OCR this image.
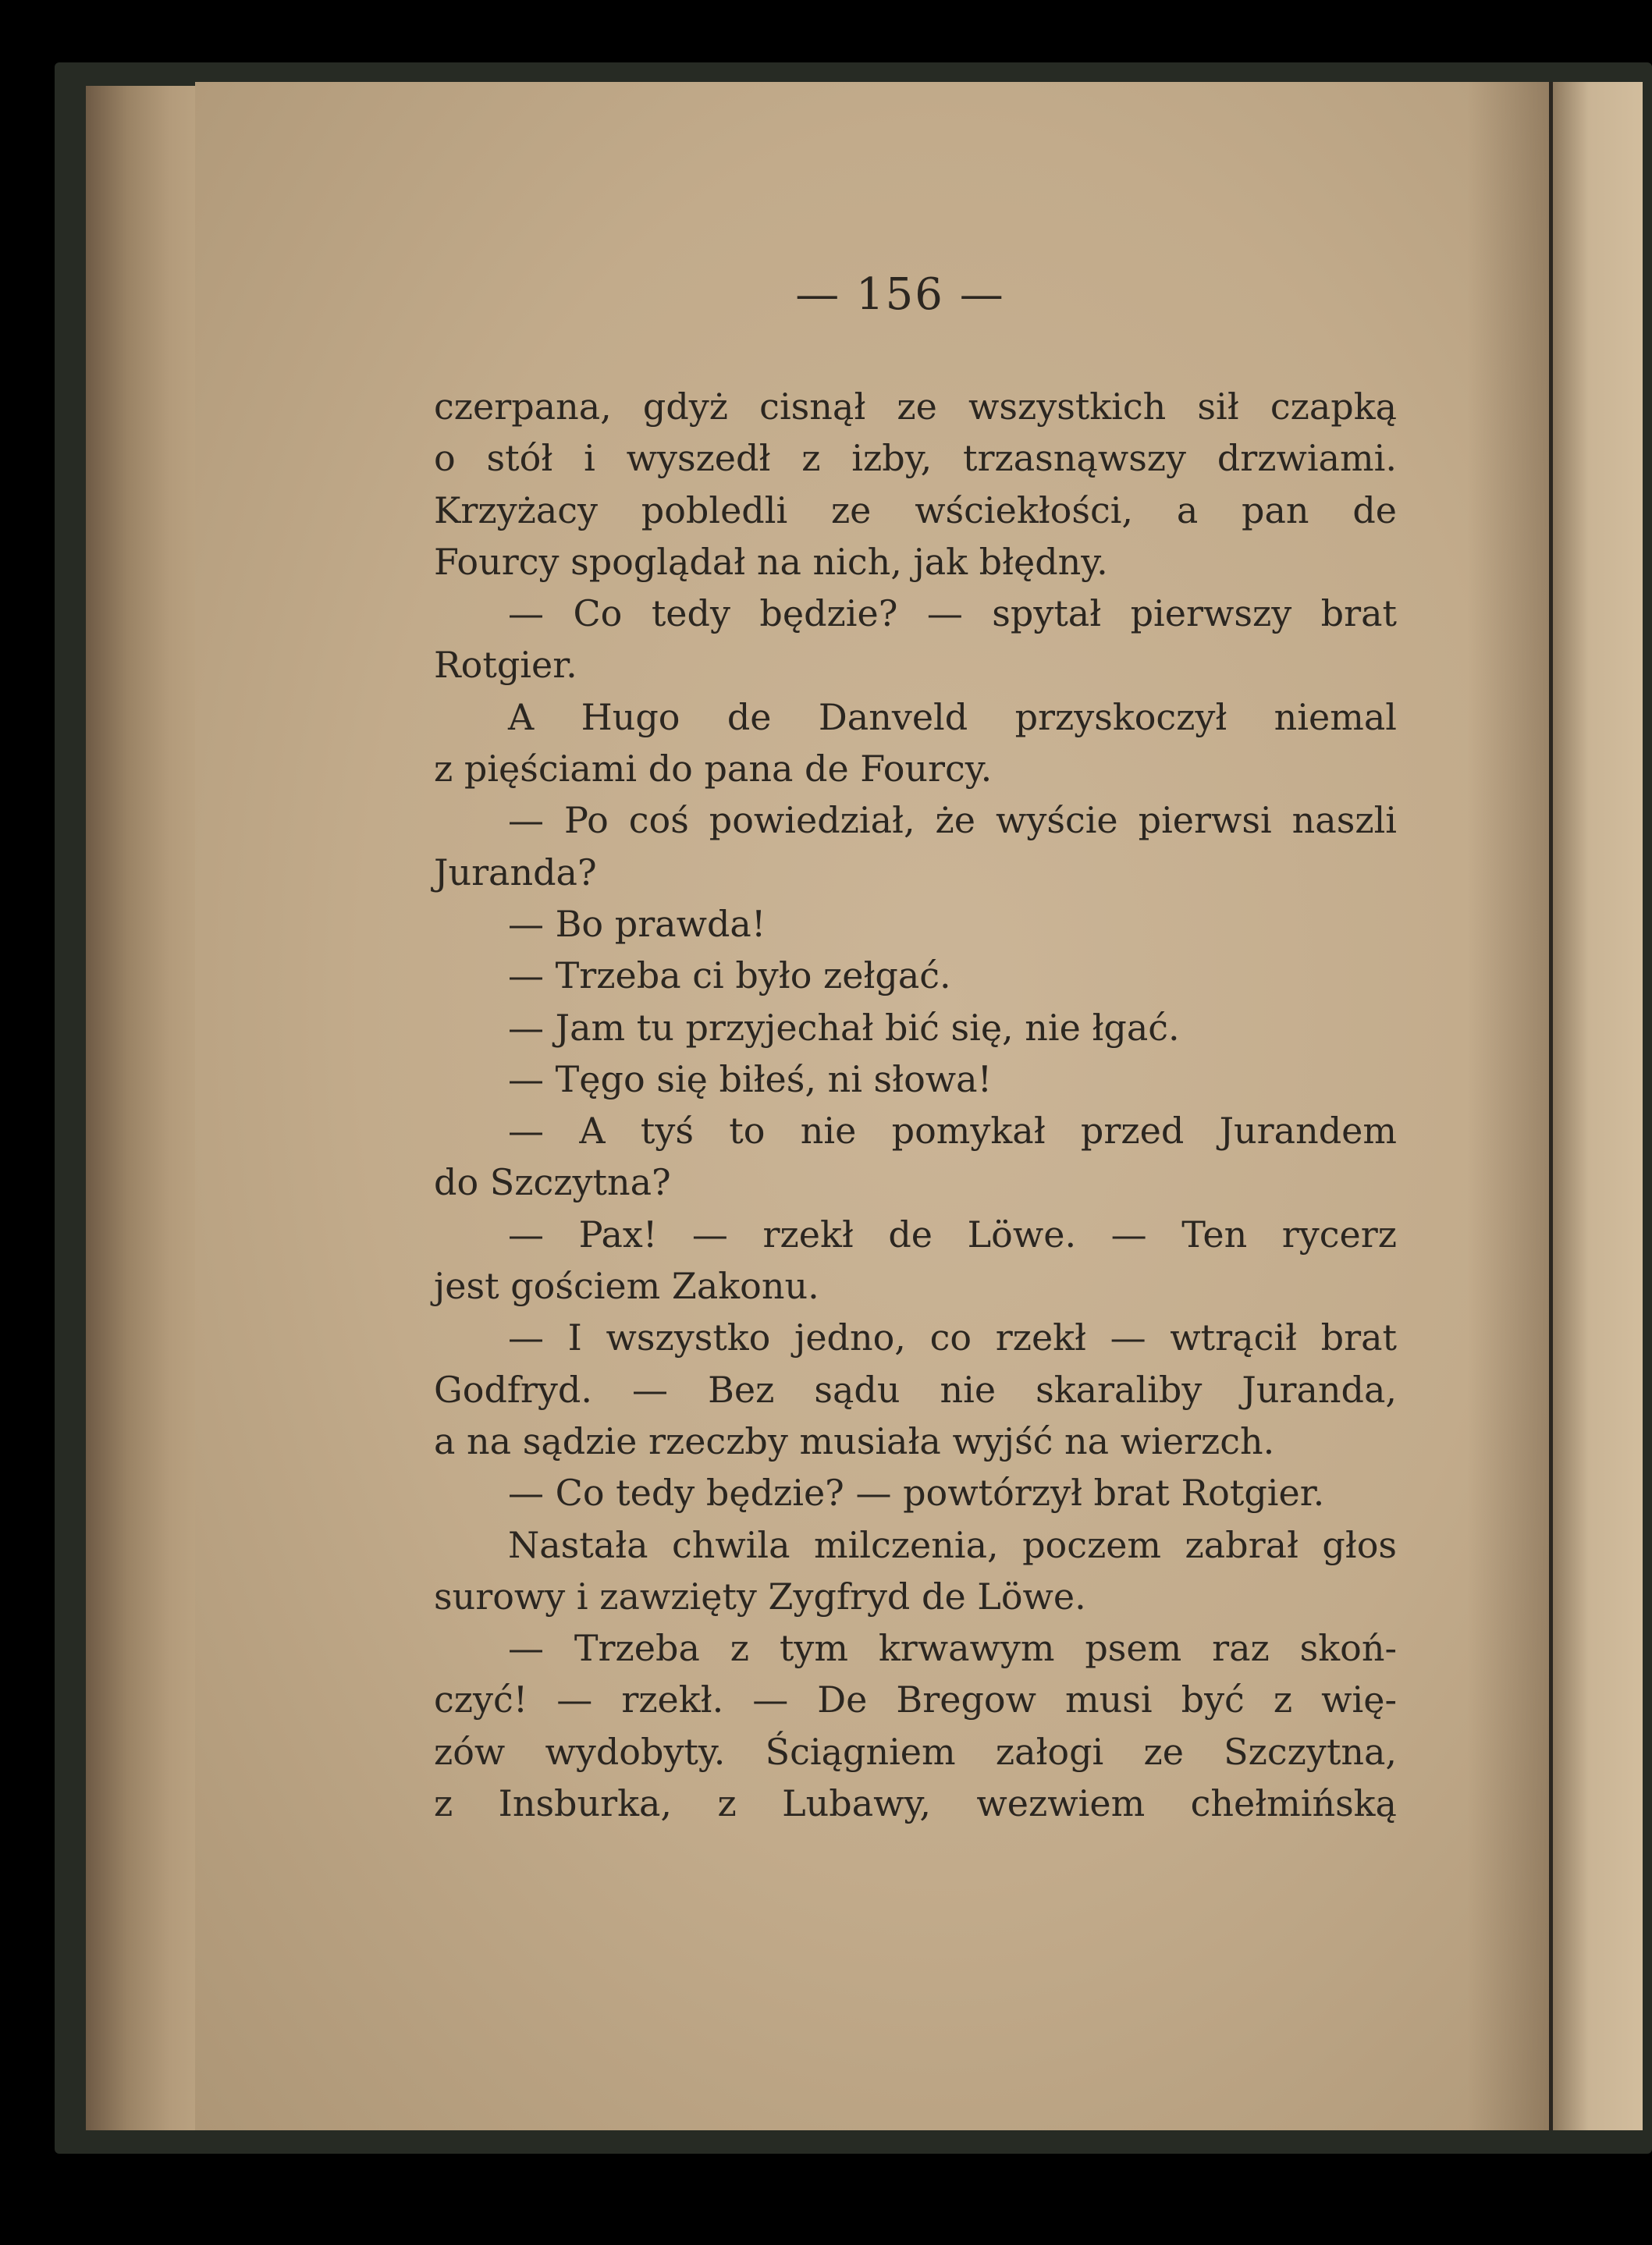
— 156 —
czerpana, gdyż cisnął ze wszystkich sił czapką
o stół i wyszedł z izby, trzasnąwszy drzwiami.
Krzyżacy pobledli ze wściekłości, a pan de
Fourcy spoglądał na nich, jak błędny.
— Co tedy będzie? — spytał pierwszy brat
Rotgier.
A Hugo de Danveld przyskoczył niemal
z pięściami do pana de Fourcy.
— Po coś powiedział, że wyście pierwsi naszli
Juranda?
— Bo prawda!
— Trzeba ci było zełgać.
— Jam tu przyjechał bić się, nie łgać.
— Tęgo się biłeś, ni słowa!
— A tyś to nie pomykał przed Jurandem
do Szczytna?
— Pax! — rzekł de Löwe. — Ten rycerz
jest gościem Zakonu.
— I wszystko jedno, co rzekł — wtrącił brat
Godfryd. — Bez sądu nie skaraliby Juranda,
a na sądzie rzeczby musiała wyjść na wierzch.
— Co tedy będzie? — powtórzył brat Rotgier.
Nastała chwila milczenia, poczem zabrał głos
surowy i zawzięty Zygfryd de Löwe.
— Trzeba z tym krwawym psem raz skoń-
czyć! — rzekł. — De Bregow musi być z wię-
zów wydobyty. Ściągniem załogi ze Szczytna,
z Insburka, z Lubawy, wezwiem chełmińską
